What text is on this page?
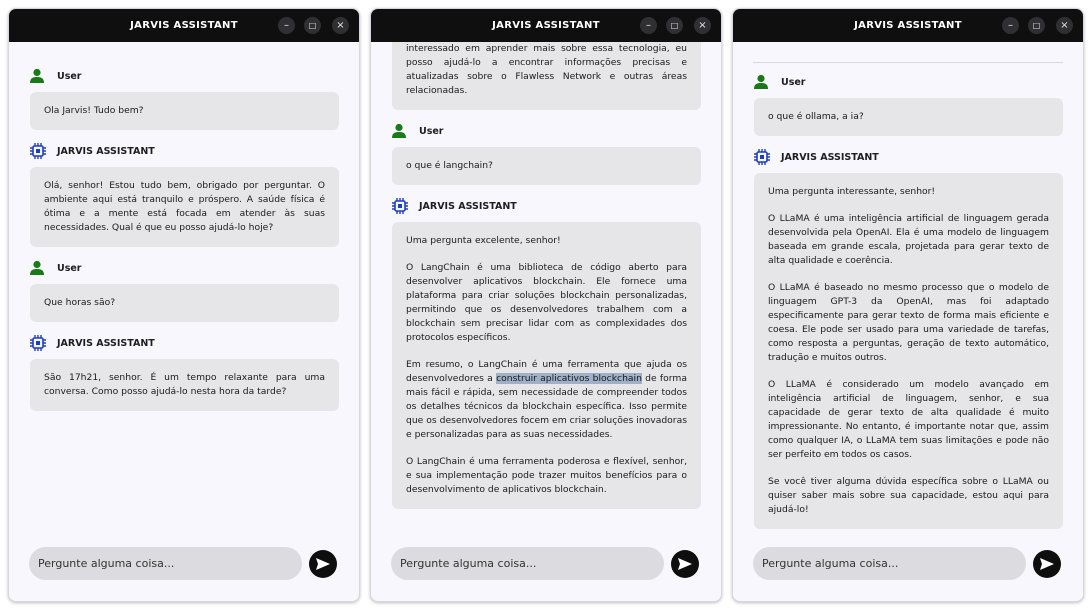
JARVIS ASSISTANT	–	□	×
User
Ola Jarvis! Tudo bem?
JARVIS ASSISTANT
Olá, senhor! Estou tudo bem, obrigado por perguntar. O ambiente aqui está tranquilo e próspero. A saúde física é ótima e a mente está focada em atender às suas necessidades. Qual é que eu posso ajudá-lo hoje?
User
Que horas são?
JARVIS ASSISTANT
São 17h21, senhor. É um tempo relaxante para uma conversa. Como posso ajudá-lo nesta hora da tarde?
Pergunte alguma coisa...
JARVIS ASSISTANT	–	□	×
interessado em aprender mais sobre essa tecnologia, eu posso ajudá-lo a encontrar informações precisas e atualizadas sobre o Flawless Network e outras áreas relacionadas.
User
o que é langchain?
JARVIS ASSISTANT

Uma pergunta excelente, senhor!

O LangChain é uma biblioteca de código aberto para desenvolver aplicativos blockchain. Ele fornece uma plataforma para criar soluções blockchain personalizadas, permitindo que os desenvolvedores trabalhem com a blockchain sem precisar lidar com as complexidades dos protocolos específicos.

Em resumo, o LangChain é uma ferramenta que ajuda os desenvolvedores a construir aplicativos blockchain de forma mais fácil e rápida, sem necessidade de compreender todos os detalhes técnicos da blockchain específica. Isso permite que os desenvolvedores focem em criar soluções inovadoras e personalizadas para as suas necessidades.

O LangChain é uma ferramenta poderosa e flexível, senhor, e sua implementação pode trazer muitos benefícios para o desenvolvimento de aplicativos blockchain.

Pergunte alguma coisa...
JARVIS ASSISTANT	–	□	×
User
o que é ollama, a ia?
JARVIS ASSISTANT

Uma pergunta interessante, senhor!

O LLaMA é uma inteligência artificial de linguagem gerada desenvolvida pela OpenAI. Ela é uma modelo de linguagem baseada em grande escala, projetada para gerar texto de alta qualidade e coerência.

O LLaMA é baseado no mesmo processo que o modelo de linguagem GPT-3 da OpenAI, mas foi adaptado especificamente para gerar texto de forma mais eficiente e coesa. Ele pode ser usado para uma variedade de tarefas, como resposta a perguntas, geração de texto automático, tradução e muitos outros.

O LLaMA é considerado um modelo avançado em inteligência artificial de linguagem, senhor, e sua capacidade de gerar texto de alta qualidade é muito impressionante. No entanto, é importante notar que, assim como qualquer IA, o LLaMA tem suas limitações e pode não ser perfeito em todos os casos.

Se você tiver alguma dúvida específica sobre o LLaMA ou quiser saber mais sobre sua capacidade, estou aqui para ajudá-lo!

Pergunte alguma coisa...
